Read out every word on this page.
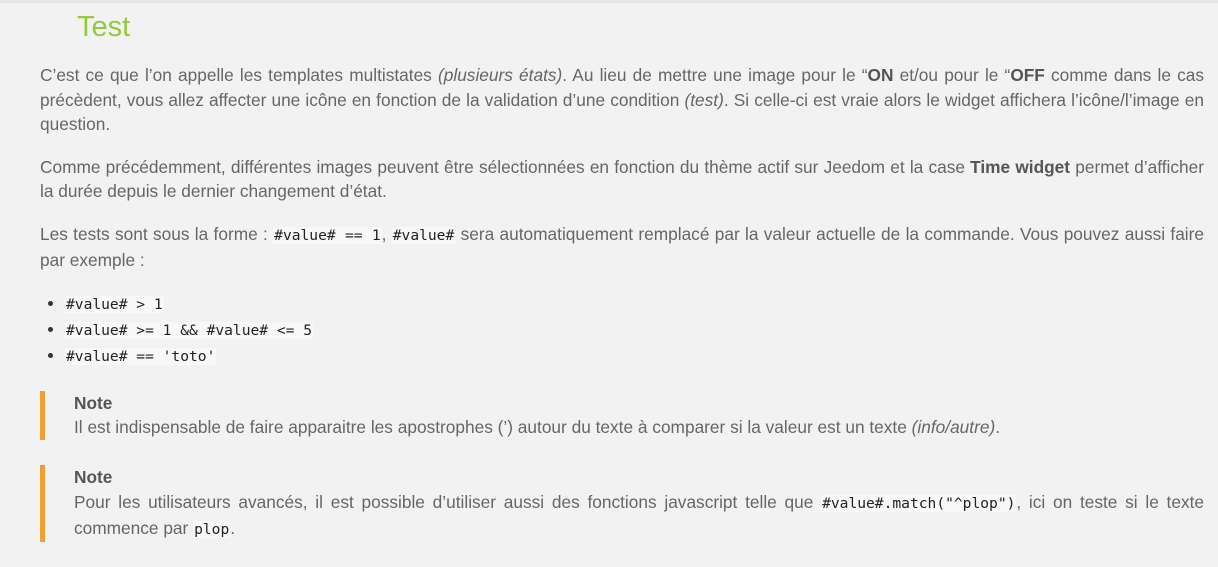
Test

C’est ce que l’on appelle les templates multistates (plusieurs états). Au lieu de mettre une image pour le “ON et/ou pour le “OFF comme dans le cas précèdent, vous allez affecter une icône en fonction de la validation d’une condition (test). Si celle-ci est vraie alors le widget affichera l’icône/l’image en question.

Comme précédemment, différentes images peuvent être sélectionnées en fonction du thème actif sur Jeedom et la case Time widget permet d’afficher la durée depuis le dernier changement d’état.

Les tests sont sous la forme : #value# == 1, #value# sera automatiquement remplacé par la valeur actuelle de la commande. Vous pouvez aussi faire par exemple :

• #value# > 1
• #value# >= 1 && #value# <= 5
• #value# == 'toto'
Note
Il est indispensable de faire apparaitre les apostrophes (’) autour du texte à comparer si la valeur est un texte (info/autre).
Note
Pour les utilisateurs avancés, il est possible d’utiliser aussi des fonctions javascript telle que #value#.match("^plop"), ici on teste si le texte commence par plop.
